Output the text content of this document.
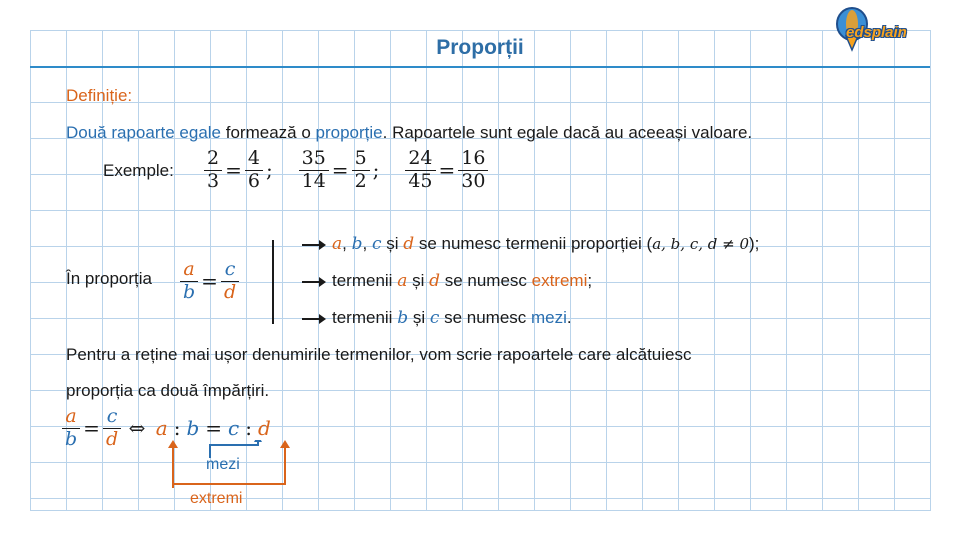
edsplain
Proporții
Definiție:
Două rapoarte egale formează o proporție. Rapoartele sunt egale dacă au aceeași valoare.
Exemple: $\frac{2}{3} = \frac{4}{6}$ ; $\frac{35}{14} = \frac{5}{2}$ ; $\frac{24}{45} = \frac{16}{30}$
În proporția $\frac{a}{b} = \frac{c}{d}$
a, b, c și d se numesc termenii proporției (a, b, c, d ≠ 0);
termenii a și d se numesc extremi;
termenii b și c se numesc mezi.
Pentru a reține mai ușor denumirile termenilor, vom scrie rapoartele care alcătuiesc
proporția ca două împărțiri.
$\frac{a}{b} = \frac{c}{d}$ ⇔ a : b = c : d
mezi
extremi
